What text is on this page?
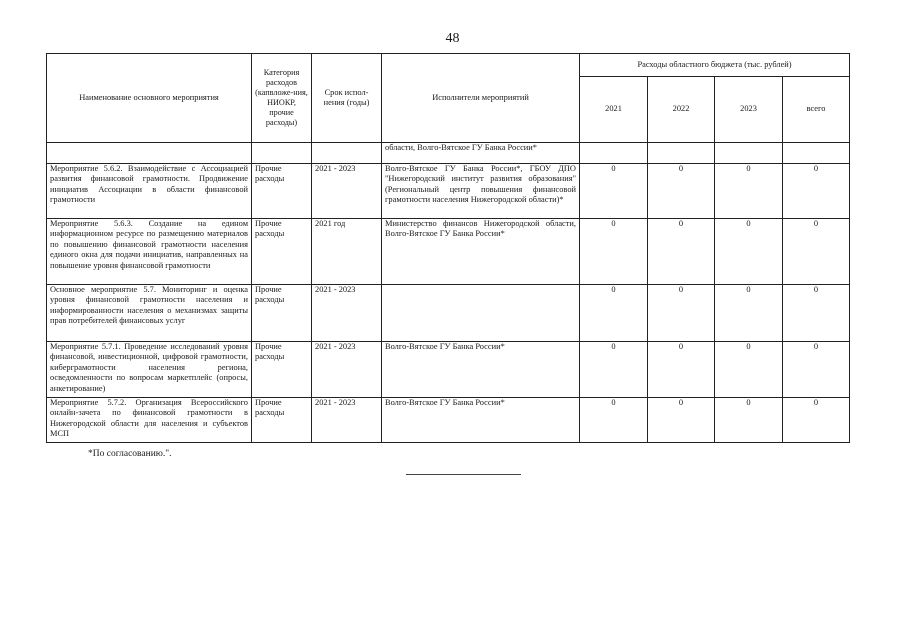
48
Наименование основного мероприятия	Категория расходов (капвложе-ния, НИОКР, прочие расходы)	Срок испол-нения (годы)	Исполнители мероприятий	Расходы областного бюджета (тыс. рублей)			
				2021	2022	2023	всего
			области, Волго-Вятское ГУ Банка России*				
Мероприятие 5.6.2. Взаимодействие с Ассоциацией развития финансовой грамотности. Продвижение инициатив Ассоциации в области финансовой грамотности	Прочие расходы	2021 - 2023	Волго-Вятское ГУ Банка России*, ГБОУ ДПО "Нижегородский институт развития образования" (Региональный центр повышения финансовой грамотности населения Нижегородской области)*	0	0	0	0
Мероприятие 5.6.3. Создание на едином информационном ресурсе по размещению материалов по повышению финансовой грамотности населения единого окна для подачи инициатив, направленных на повышение уровня финансовой грамотности	Прочие расходы	2021 год	Министерство финансов Нижегородской области, Волго-Вятское ГУ Банка России*	0	0	0	0
Основное мероприятие 5.7. Мониторинг и оценка уровня финансовой грамотности населения и информированности населения о механизмах защиты прав потребителей финансовых услуг	Прочие расходы	2021 - 2023		0	0	0	0
Мероприятие 5.7.1. Проведение исследований уровня финансовой, инвестиционной, цифровой грамотности, киберграмотности населения региона, осведомленности по вопросам маркетплейс (опросы, анкетирование)	Прочие расходы	2021 - 2023	Волго-Вятское ГУ Банка России*	0	0	0	0
Мероприятие 5.7.2. Организация Всероссийского онлайн-зачета по финансовой грамотности в Нижегородской области для населения и субъектов МСП	Прочие расходы	2021 - 2023	Волго-Вятское ГУ Банка России*	0	0	0	0
*По согласованию.".
